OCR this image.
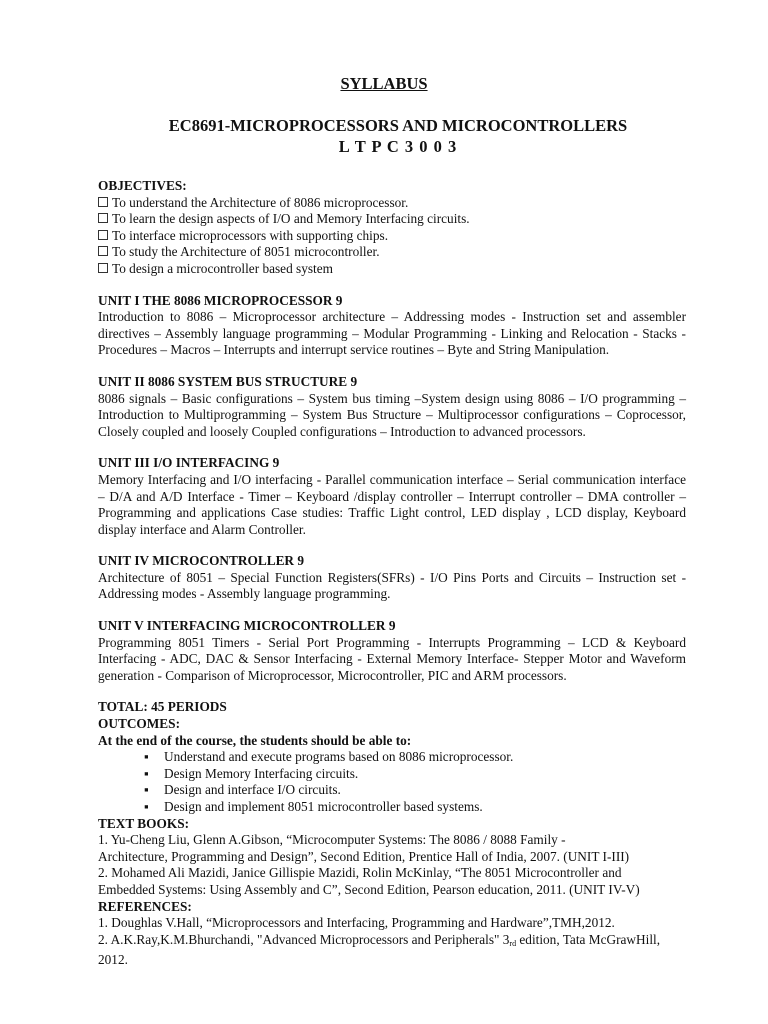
SYLLABUS
EC8691-MICROPROCESSORS AND MICROCONTROLLERS
L T P C 3 0 0 3
OBJECTIVES:
To understand the Architecture of 8086 microprocessor.
To learn the design aspects of I/O and Memory Interfacing circuits.
To interface microprocessors with supporting chips.
To study the Architecture of 8051 microcontroller.
To design a microcontroller based system
UNIT I THE 8086 MICROPROCESSOR 9
Introduction to 8086 – Microprocessor architecture – Addressing modes - Instruction set and assembler directives – Assembly language programming – Modular Programming - Linking and Relocation - Stacks - Procedures – Macros – Interrupts and interrupt service routines – Byte and String Manipulation.
UNIT II 8086 SYSTEM BUS STRUCTURE 9
8086 signals – Basic configurations – System bus timing –System design using 8086 – I/O programming – Introduction to Multiprogramming – System Bus Structure – Multiprocessor configurations – Coprocessor, Closely coupled and loosely Coupled configurations – Introduction to advanced processors.
UNIT III I/O INTERFACING 9
Memory Interfacing and I/O interfacing - Parallel communication interface – Serial communication interface – D/A and A/D Interface - Timer – Keyboard /display controller – Interrupt controller – DMA controller – Programming and applications Case studies: Traffic Light control, LED display , LCD display, Keyboard display interface and Alarm Controller.
UNIT IV MICROCONTROLLER 9
Architecture of 8051 – Special Function Registers(SFRs) - I/O Pins Ports and Circuits – Instruction set - Addressing modes - Assembly language programming.
UNIT V INTERFACING MICROCONTROLLER 9
Programming 8051 Timers - Serial Port Programming - Interrupts Programming – LCD & Keyboard Interfacing - ADC, DAC & Sensor Interfacing - External Memory Interface- Stepper Motor and Waveform generation - Comparison of Microprocessor, Microcontroller, PIC and ARM processors.
TOTAL: 45 PERIODS
OUTCOMES:
At the end of the course, the students should be able to:
▪ Understand and execute programs based on 8086 microprocessor.
▪ Design Memory Interfacing circuits.
▪ Design and interface I/O circuits.
▪ Design and implement 8051 microcontroller based systems.
TEXT BOOKS:
1. Yu-Cheng Liu, Glenn A.Gibson, “Microcomputer Systems: The 8086 / 8088 Family -
Architecture, Programming and Design”, Second Edition, Prentice Hall of India, 2007. (UNIT I-III)
2. Mohamed Ali Mazidi, Janice Gillispie Mazidi, Rolin McKinlay, “The 8051 Microcontroller and
Embedded Systems: Using Assembly and C”, Second Edition, Pearson education, 2011. (UNIT IV-V)
REFERENCES:
1. Doughlas V.Hall, “Microprocessors and Interfacing, Programming and Hardware”,TMH,2012.
2. A.K.Ray,K.M.Bhurchandi, "Advanced Microprocessors and Peripherals" $3_{rd}$ edition, Tata McGrawHill,
2012.
